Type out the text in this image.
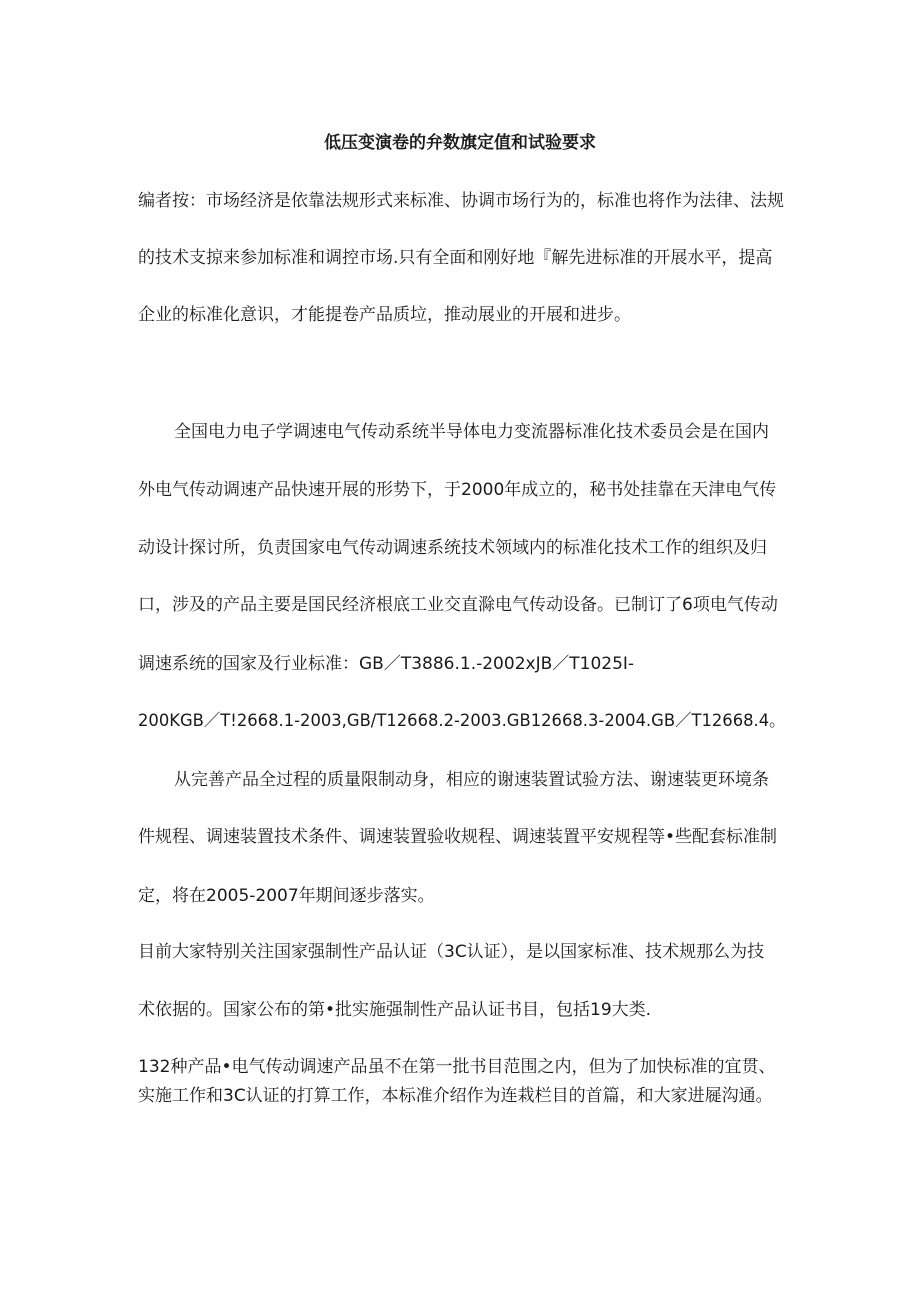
低压变演卷的弁数旗定值和试验要求
编者按：市场经济是依靠法规形式来标准、协调市场行为的，标准也将作为法律、法规
的技术支掠来参加标准和调控市场.只有全面和刚好地『解先进标准的开展水平，提高
企业的标准化意识，才能提卷产品质垃，推动展业的开展和进步。
全国电力电子学调速电气传动系统半导体电力变流器标准化技术委员会是在国内
外电气传动调速产品快速开展的形势下，于2000年成立的，秘书处挂靠在天津电气传
动设计探讨所，负责国家电气传动调速系统技术领域内的标准化技术工作的组织及归
口，涉及的产品主要是国民经济根底工业交直滁电气传动设备。已制订了6项电气传动
调速系统的国家及行业标准：GB／T3886.1.-2002xJB／T1025I-
200KGB／T!2668.1-2003,GB/T12668.2-2003.GB12668.3-2004.GB／T12668.4。
从完善产品全过程的质量限制动身，相应的谢速装置试验方法、谢速装更环境条
件规程、调速装置技术条件、调速装置验收规程、调速装置平安规程等•些配套标准制
定，将在2005-2007年期间逐步落实。
目前大家特别关注国家强制性产品认证（3C认证），是以国家标准、技术规那么为技
术依据的。国家公布的第•批实施强制性产品认证书目，包括19大类.
132种产品•电气传动调速产品虽不在第一批书目范围之内，但为了加快标准的宜贯、
实施工作和3C认证的打算工作，本标准介绍作为连栽栏目的首篇，和大家进屣沟通。
